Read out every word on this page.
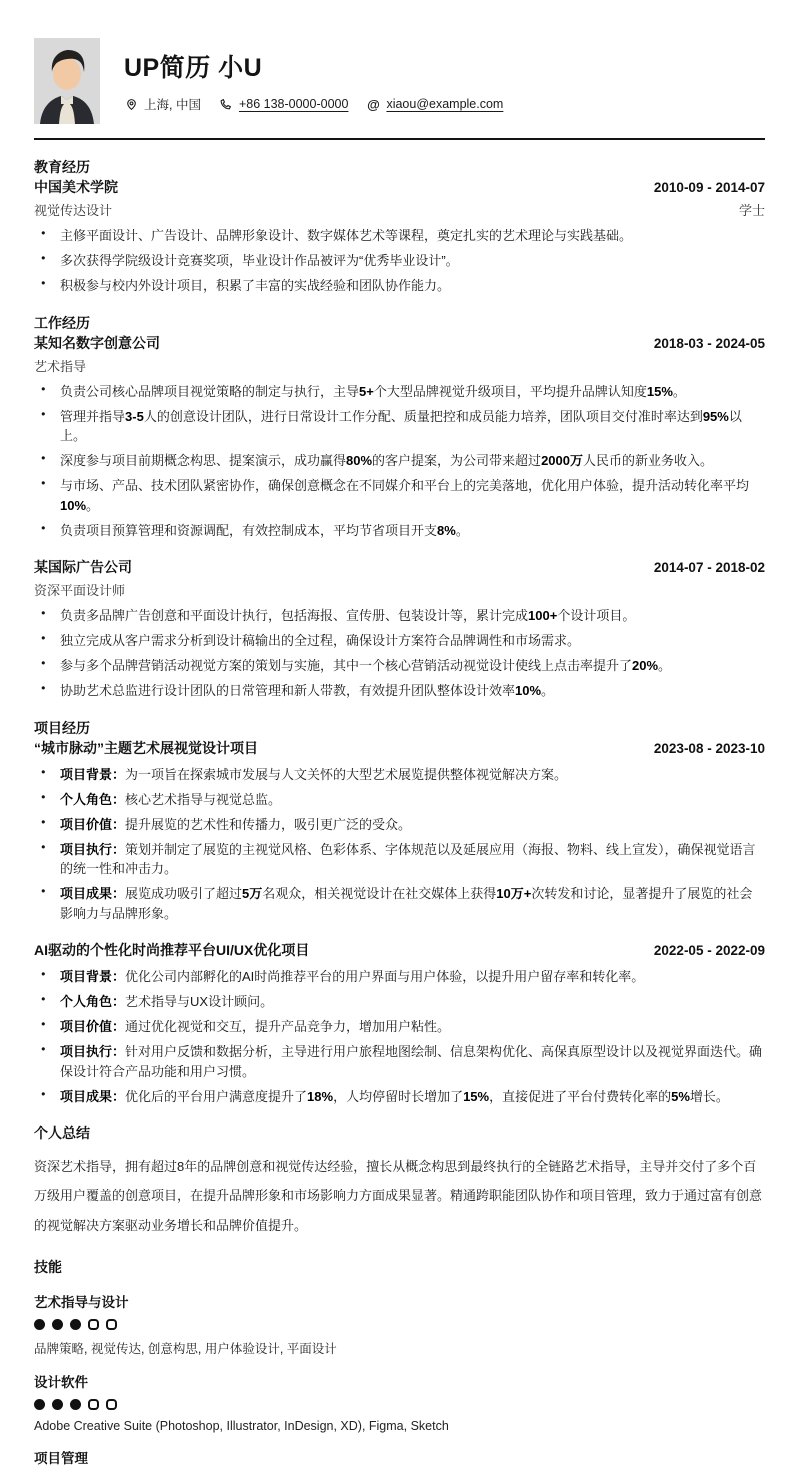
UP简历 小U
上海, 中国	+86 138-0000-0000 @ xiaou@example.com
教育经历
中国美术学院	2010-09 - 2014-07
视觉传达设计	学士
● 主修平面设计、广告设计、品牌形象设计、数字媒体艺术等课程，奠定扎实的艺术理论与实践基础。
● 多次获得学院级设计竞赛奖项，毕业设计作品被评为“优秀毕业设计”。
● 积极参与校内外设计项目，积累了丰富的实战经验和团队协作能力。
工作经历
某知名数字创意公司	2018-03 - 2024-05
艺术指导
● 负责公司核心品牌项目视觉策略的制定与执行，主导5+个大型品牌视觉升级项目，平均提升品牌认知度15%。
● 管理并指导3-5人的创意设计团队，进行日常设计工作分配、质量把控和成员能力培养，团队项目交付准时率达到95%以上。
● 深度参与项目前期概念构思、提案演示，成功赢得80%的客户提案，为公司带来超过2000万人民币的新业务收入。
● 与市场、产品、技术团队紧密协作，确保创意概念在不同媒介和平台上的完美落地，优化用户体验，提升活动转化率平均10%。
● 负责项目预算管理和资源调配，有效控制成本，平均节省项目开支8%。
某国际广告公司	2014-07 - 2018-02
资深平面设计师
● 负责多品牌广告创意和平面设计执行，包括海报、宣传册、包装设计等，累计完成100+个设计项目。
● 独立完成从客户需求分析到设计稿输出的全过程，确保设计方案符合品牌调性和市场需求。
● 参与多个品牌营销活动视觉方案的策划与实施，其中一个核心营销活动视觉设计使线上点击率提升了20%。
● 协助艺术总监进行设计团队的日常管理和新人带教，有效提升团队整体设计效率10%。
项目经历
“城市脉动”主题艺术展视觉设计项目	2023-08 - 2023-10
● 项目背景：为一项旨在探索城市发展与人文关怀的大型艺术展览提供整体视觉解决方案。
● 个人角色：核心艺术指导与视觉总监。
● 项目价值：提升展览的艺术性和传播力，吸引更广泛的受众。
● 项目执行：策划并制定了展览的主视觉风格、色彩体系、字体规范以及延展应用（海报、物料、线上宣发），确保视觉语言的统一性和冲击力。
● 项目成果：展览成功吸引了超过5万名观众，相关视觉设计在社交媒体上获得10万+次转发和讨论，显著提升了展览的社会影响力与品牌形象。
AI驱动的个性化时尚推荐平台UI/UX优化项目	2022-05 - 2022-09
● 项目背景：优化公司内部孵化的AI时尚推荐平台的用户界面与用户体验，以提升用户留存率和转化率。
● 个人角色：艺术指导与UX设计顾问。
● 项目价值：通过优化视觉和交互，提升产品竞争力，增加用户粘性。
● 项目执行：针对用户反馈和数据分析，主导进行用户旅程地图绘制、信息架构优化、高保真原型设计以及视觉界面迭代。确保设计符合产品功能和用户习惯。
● 项目成果：优化后的平台用户满意度提升了18%，人均停留时长增加了15%，直接促进了平台付费转化率的5%增长。
个人总结

资深艺术指导，拥有超过8年的品牌创意和视觉传达经验，擅长从概念构思到最终执行的全链路艺术指导，主导并交付了多个百万级用户覆盖的创意项目，在提升品牌形象和市场影响力方面成果显著。精通跨职能团队协作和项目管理，致力于通过富有创意的视觉解决方案驱动业务增长和品牌价值提升。

技能
艺术指导与设计
品牌策略, 视觉传达, 创意构思, 用户体验设计, 平面设计
设计软件
Adobe Creative Suite (Photoshop, Illustrator, InDesign, XD), Figma, Sketch
项目管理
